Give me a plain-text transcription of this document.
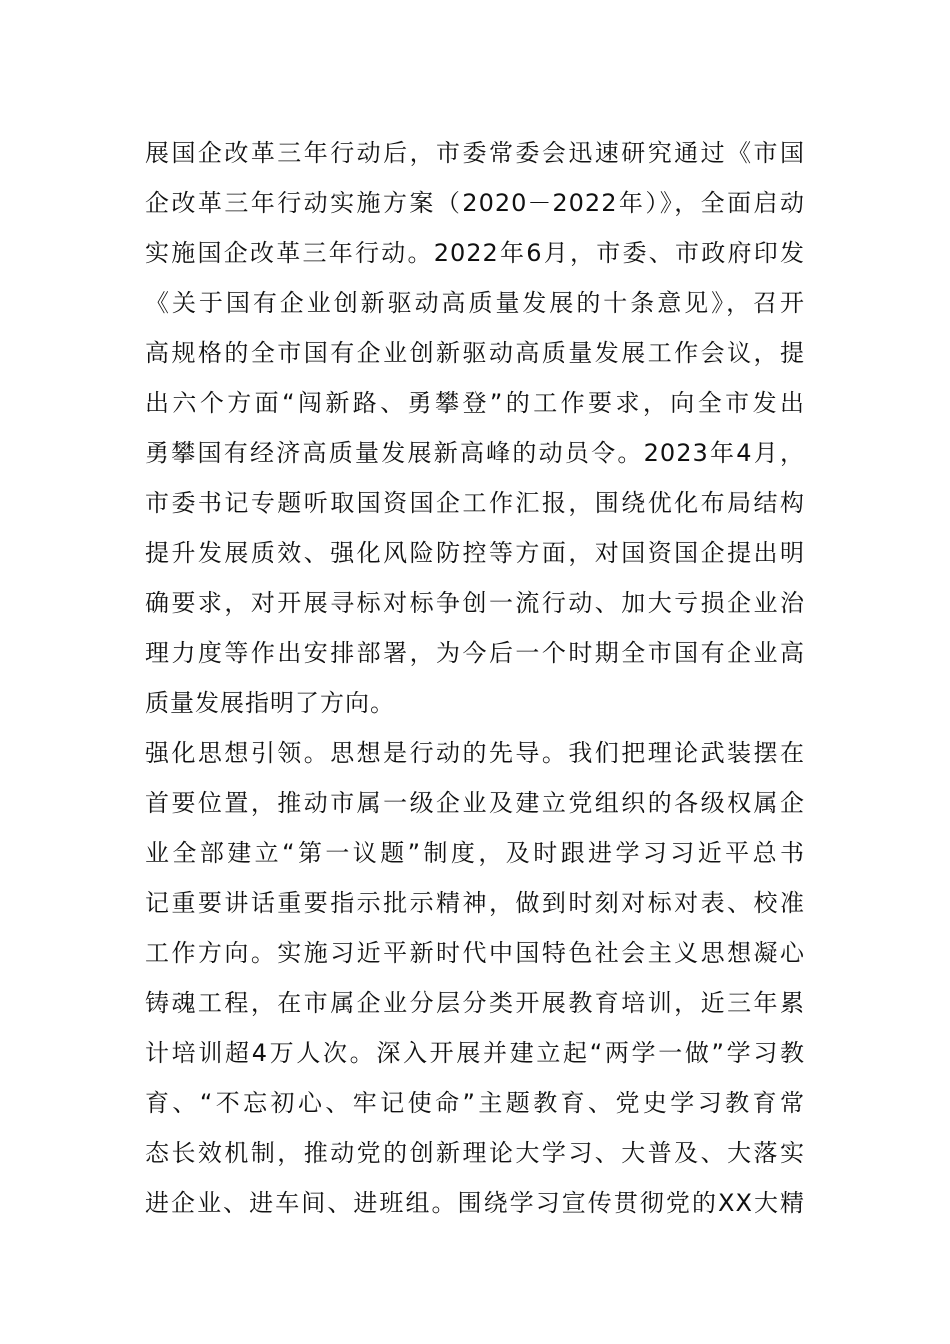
展国企改革三年行动后，市委常委会迅速研究通过《市国
企改革三年行动实施方案（2020－2022年）》，全面启动
实施国企改革三年行动。2022年6月，市委、市政府印发
《关于国有企业创新驱动高质量发展的十条意见》，召开
高规格的全市国有企业创新驱动高质量发展工作会议，提
出六个方面“闯新路、勇攀登”的工作要求，向全市发出
勇攀国有经济高质量发展新高峰的动员令。2023年4月，
市委书记专题听取国资国企工作汇报，围绕优化布局结构
提升发展质效、强化风险防控等方面，对国资国企提出明
确要求，对开展寻标对标争创一流行动、加大亏损企业治
理力度等作出安排部署，为今后一个时期全市国有企业高
质量发展指明了方向。
强化思想引领。思想是行动的先导。我们把理论武装摆在
首要位置，推动市属一级企业及建立党组织的各级权属企
业全部建立“第一议题”制度，及时跟进学习习近平总书
记重要讲话重要指示批示精神，做到时刻对标对表、校准
工作方向。实施习近平新时代中国特色社会主义思想凝心
铸魂工程，在市属企业分层分类开展教育培训，近三年累
计培训超4万人次。深入开展并建立起“两学一做”学习教
育、“不忘初心、牢记使命”主题教育、党史学习教育常
态长效机制，推动党的创新理论大学习、大普及、大落实
进企业、进车间、进班组。围绕学习宣传贯彻党的XX大精
